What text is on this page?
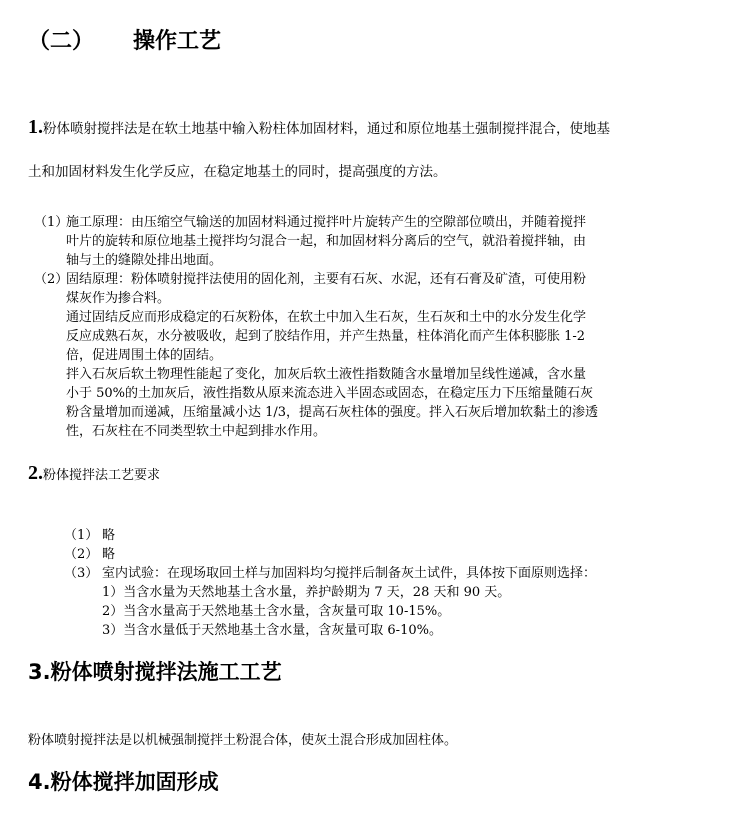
（二） 操作工艺
1.粉体喷射搅拌法是在软土地基中输入粉柱体加固材料，通过和原位地基土强制搅拌混合，使地基
土和加固材料发生化学反应，在稳定地基土的同时，提高强度的方法。
（1）
施工原理：由压缩空气输送的加固材料通过搅拌叶片旋转产生的空隙部位喷出，并随着搅拌
叶片的旋转和原位地基土搅拌均匀混合一起，和加固材料分离后的空气，就沿着搅拌轴，由
轴与土的缝隙处排出地面。
（2）
固结原理：粉体喷射搅拌法使用的固化剂，主要有石灰、水泥，还有石膏及矿渣，可使用粉
煤灰作为掺合料。
通过固结反应而形成稳定的石灰粉体，在软土中加入生石灰，生石灰和土中的水分发生化学
反应成熟石灰，水分被吸收，起到了胶结作用，并产生热量，柱体消化而产生体积膨胀 1-2
倍，促进周围土体的固结。
拌入石灰后软土物理性能起了变化，加灰后软土液性指数随含水量增加呈线性递减，含水量
小于 50%的土加灰后，液性指数从原来流态进入半固态或固态，在稳定压力下压缩量随石灰
粉含量增加而递减，压缩量减小达 1/3，提高石灰柱体的强度。拌入石灰后增加软黏土的渗透
性，石灰柱在不同类型软土中起到排水作用。
2.粉体搅拌法工艺要求
（1） 略
（2） 略
（3） 室内试验：在现场取回土样与加固料均匀搅拌后制备灰土试件，具体按下面原则选择：
1）当含水量为天然地基土含水量，养护龄期为 7 天，28 天和 90 天。
2）当含水量高于天然地基土含水量，含灰量可取 10-15%。
3）当含水量低于天然地基土含水量，含灰量可取 6-10%。
3.粉体喷射搅拌法施工工艺
粉体喷射搅拌法是以机械强制搅拌土粉混合体，使灰土混合形成加固柱体。
4.粉体搅拌加固形成
